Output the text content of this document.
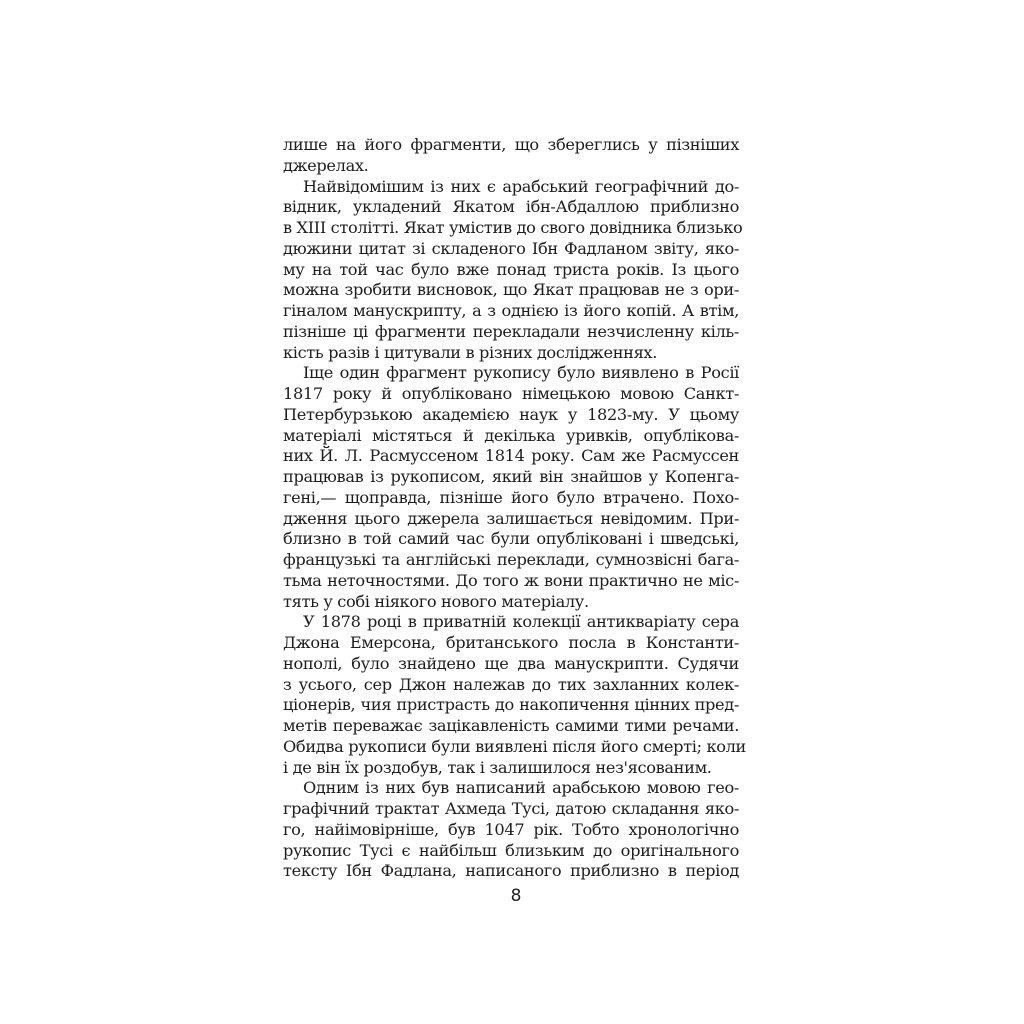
лише на його фрагменти, що збереглись у пізніших
джерелах.
Найвідомішим із них є арабський географічний до-
відник, укладений Якатом ібн-Абдаллою приблизно
в XIII столітті. Якат умістив до свого довідника близько
дюжини цитат зі складеного Ібн Фадланом звіту, яко-
му на той час було вже понад триста років. Із цього
можна зробити висновок, що Якат працював не з ори-
гіналом манускрипту, а з однією із його копій. А втім,
пізніше ці фрагменти перекладали незчисленну кіль-
кість разів і цитували в різних дослідженнях.
Іще один фрагмент рукопису було виявлено в Росії
1817 року й опубліковано німецькою мовою Санкт-
Петербурзькою академією наук у 1823-му. У цьому
матеріалі містяться й декілька уривків, опублікова-
них Й. Л. Расмуссеном 1814 року. Сам же Расмуссен
працював із рукописом, який він знайшов у Копенга-
гені,— щоправда, пізніше його було втрачено. Похо-
дження цього джерела залишається невідомим. При-
близно в той самий час були опубліковані і шведські,
французькі та англійські переклади, сумнозвісні бага-
тьма неточностями. До того ж вони практично не міс-
тять у собі ніякого нового матеріалу.
У 1878 році в приватній колекції антикваріату сера
Джона Емерсона, британського посла в Константи-
нополі, було знайдено ще два манускрипти. Судячи
з усього, сер Джон належав до тих захланних колек-
ціонерів, чия пристрасть до накопичення цінних пред-
метів переважає зацікавленість самими тими речами.
Обидва рукописи були виявлені після його смерті; коли
і де він їх роздобув, так і залишилося нез'ясованим.
Одним із них був написаний арабською мовою гео-
графічний трактат Ахмеда Тусі, датою складання яко-
го, найімовірніше, був 1047 рік. Тобто хронологічно
рукопис Тусі є найбільш близьким до оригінального
тексту Ібн Фадлана, написаного приблизно в період
8
